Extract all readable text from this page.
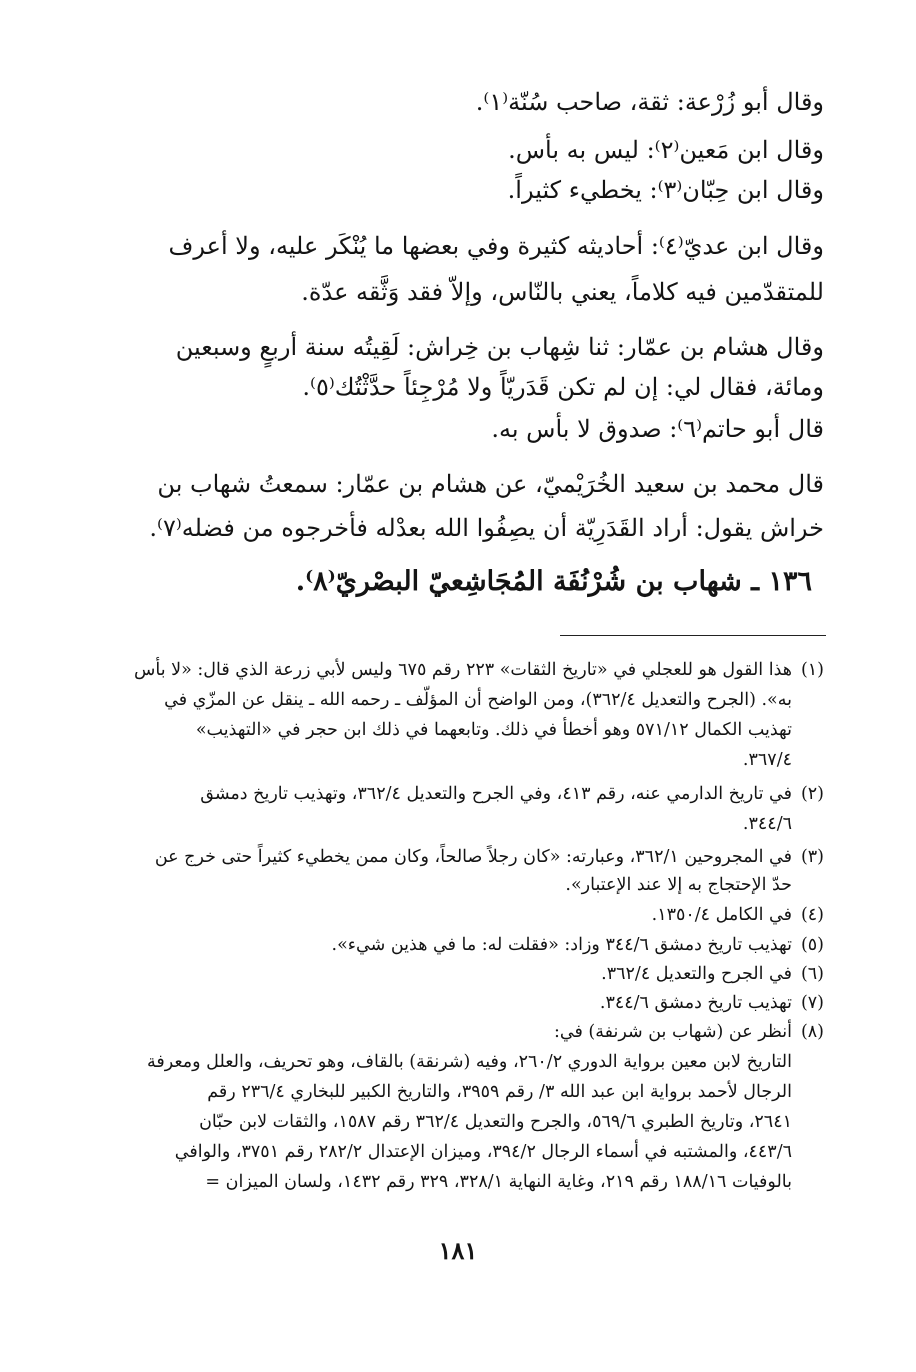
وقال أبو زُرْعة: ثقة، صاحب سُنّة⁽١⁾.
وقال ابن مَعين⁽٢⁾: ليس به بأس.
وقال ابن حِبّان⁽٣⁾: يخطيء كثيراً.
وقال ابن عديّ⁽٤⁾: أحاديثه كثيرة وفي بعضها ما يُنْكَر عليه، ولا أعرف
للمتقدّمين فيه كلاماً، يعني بالنّاس، وإلاّ فقد وَثَّقه عدّة.
وقال هشام بن عمّار: ثنا شِهاب بن خِراش: لَقِيتُه سنة أربعٍ وسبعين
ومائة، فقال لي: إن لم تكن قَدَريّاً ولا مُرْجِئاً حدَّثْتُك⁽٥⁾.
قال أبو حاتم⁽٦⁾: صدوق لا بأس به.
قال محمد بن سعيد الخُرَيْميّ، عن هشام بن عمّار: سمعتُ شهاب بن
خراش يقول: أراد القَدَرِيّة أن يصِفُوا الله بعدْله فأخرجوه من فضله⁽٧⁾.
١٣٦ ـ شهاب بن شُرْنُفَة المُجَاشِعيّ البصْريّ⁽٨⁾.
(١)
هذا القول هو للعجلي في «تاريخ الثقات» ٢٢٣ رقم ٦٧٥ وليس لأبي زرعة الذي قال: «لا بأس
به». (الجرح والتعديل ٣٦٢/٤)، ومن الواضح أن المؤلّف ـ رحمه الله ـ ينقل عن المزّي في
تهذيب الكمال ٥٧١/١٢ وهو أخطأ في ذلك. وتابعهما في ذلك ابن حجر في «التهذيب»
٣٦٧/٤.
(٢)
في تاريخ الدارمي عنه، رقم ٤١٣، وفي الجرح والتعديل ٣٦٢/٤، وتهذيب تاريخ دمشق
٣٤٤/٦.
(٣)
في المجروحين ٣٦٢/١، وعبارته: «كان رجلاً صالحاً، وكان ممن يخطيء كثيراً حتى خرج عن
حدّ الإحتجاج به إلا عند الإعتبار».
(٤)
في الكامل ١٣٥٠/٤.
(٥)
تهذيب تاريخ دمشق ٣٤٤/٦ وزاد: «فقلت له: ما في هذين شيء».
(٦)
في الجرح والتعديل ٣٦٢/٤.
(٧)
تهذيب تاريخ دمشق ٣٤٤/٦.
(٨)
أنظر عن (شهاب بن شرنفة) في:
التاريخ لابن معين برواية الدوري ٢٦٠/٢، وفيه (شرنقة) بالقاف، وهو تحريف، والعلل ومعرفة
الرجال لأحمد برواية ابن عبد الله ٣/ رقم ٣٩٥٩، والتاريخ الكبير للبخاري ٢٣٦/٤ رقم
٢٦٤١، وتاريخ الطبري ٥٦٩/٦، والجرح والتعديل ٣٦٢/٤ رقم ١٥٨٧، والثقات لابن حبّان
٤٤٣/٦، والمشتبه في أسماء الرجال ٣٩٤/٢، وميزان الإعتدال ٢٨٢/٢ رقم ٣٧٥١، والوافي
بالوفيات ١٨٨/١٦ رقم ٢١٩، وغاية النهاية ٣٢٨/١، ٣٢٩ رقم ١٤٣٢، ولسان الميزان =
١٨١
